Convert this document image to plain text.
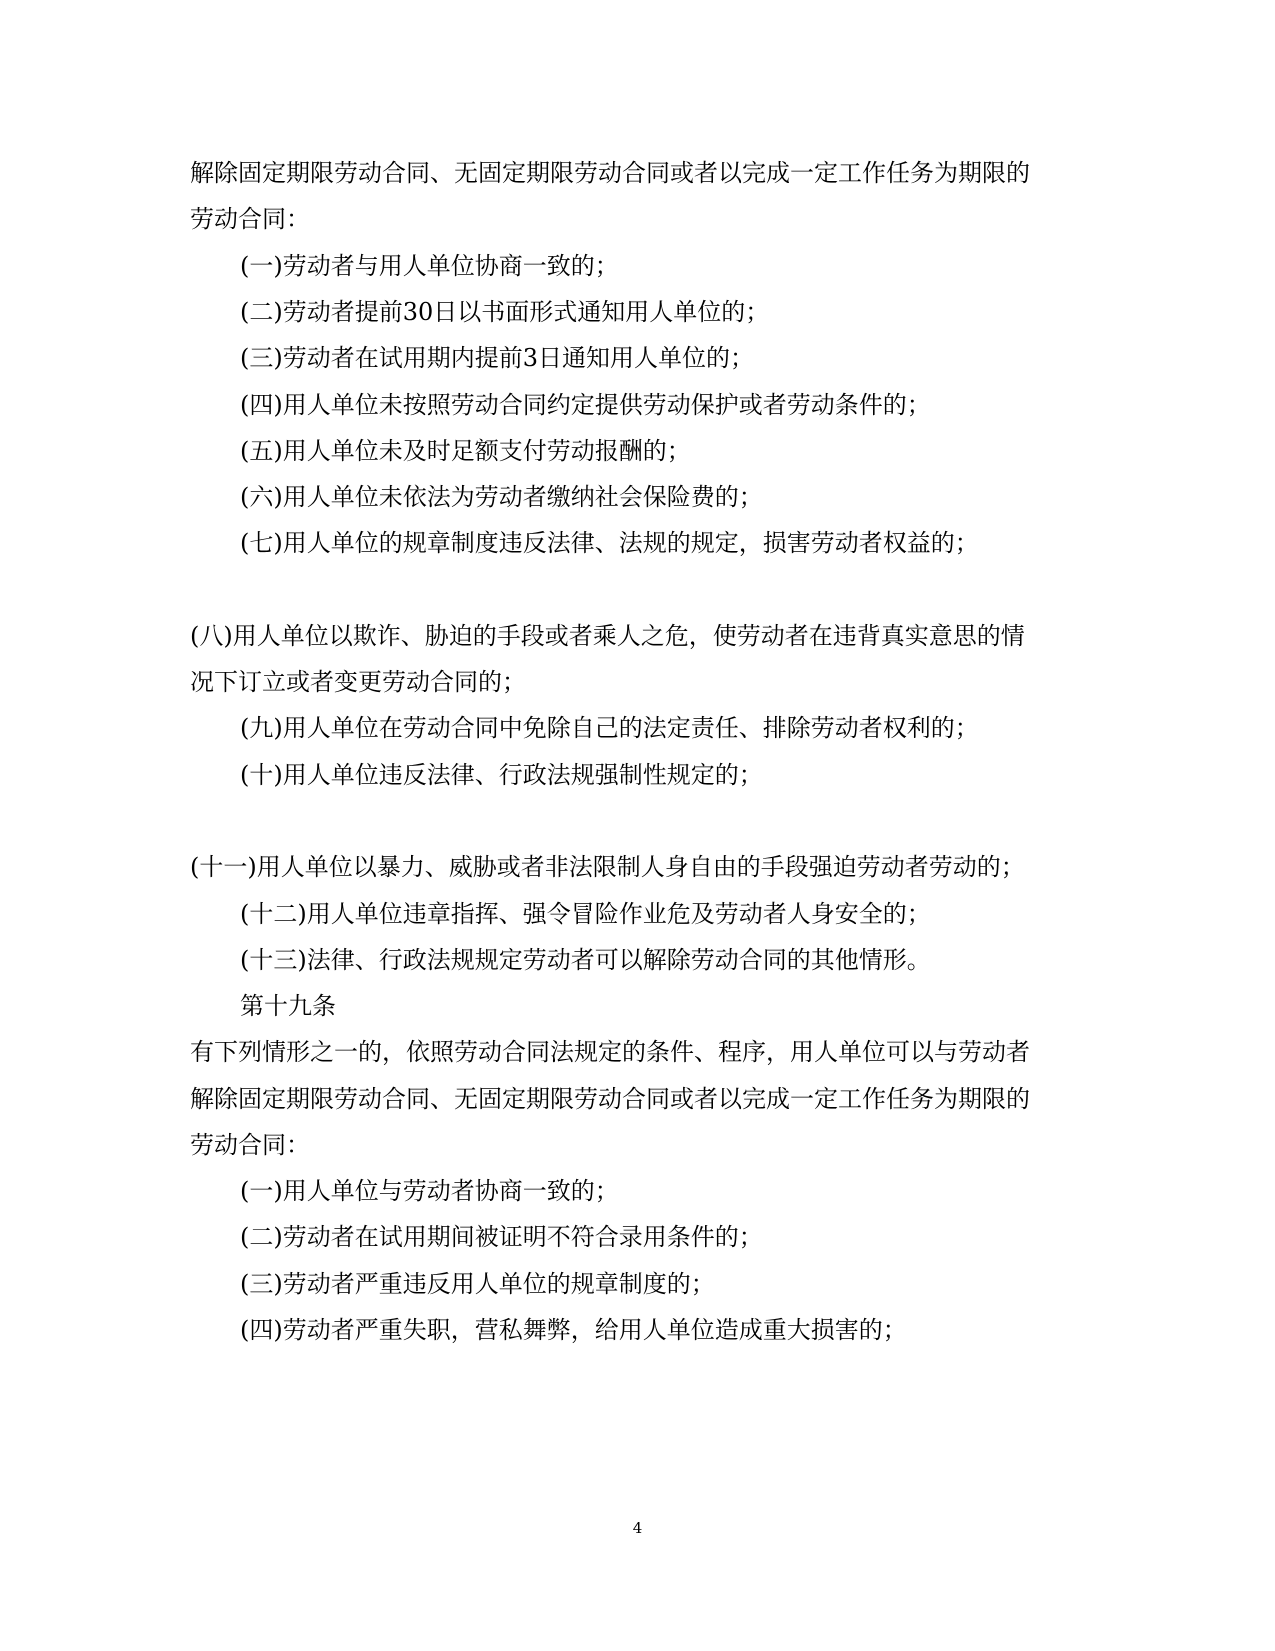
解除固定期限劳动合同、无固定期限劳动合同或者以完成一定工作任务为期限的
劳动合同：
(一)劳动者与用人单位协商一致的；
(二)劳动者提前30日以书面形式通知用人单位的；
(三)劳动者在试用期内提前3日通知用人单位的；
(四)用人单位未按照劳动合同约定提供劳动保护或者劳动条件的；
(五)用人单位未及时足额支付劳动报酬的；
(六)用人单位未依法为劳动者缴纳社会保险费的；
(七)用人单位的规章制度违反法律、法规的规定，损害劳动者权益的；
(八)用人单位以欺诈、胁迫的手段或者乘人之危，使劳动者在违背真实意思的情
况下订立或者变更劳动合同的；
(九)用人单位在劳动合同中免除自己的法定责任、排除劳动者权利的；
(十)用人单位违反法律、行政法规强制性规定的；
(十一)用人单位以暴力、威胁或者非法限制人身自由的手段强迫劳动者劳动的；
(十二)用人单位违章指挥、强令冒险作业危及劳动者人身安全的；
(十三)法律、行政法规规定劳动者可以解除劳动合同的其他情形。
第十九条
有下列情形之一的，依照劳动合同法规定的条件、程序，用人单位可以与劳动者
解除固定期限劳动合同、无固定期限劳动合同或者以完成一定工作任务为期限的
劳动合同：
(一)用人单位与劳动者协商一致的；
(二)劳动者在试用期间被证明不符合录用条件的；
(三)劳动者严重违反用人单位的规章制度的；
(四)劳动者严重失职，营私舞弊，给用人单位造成重大损害的；
4
